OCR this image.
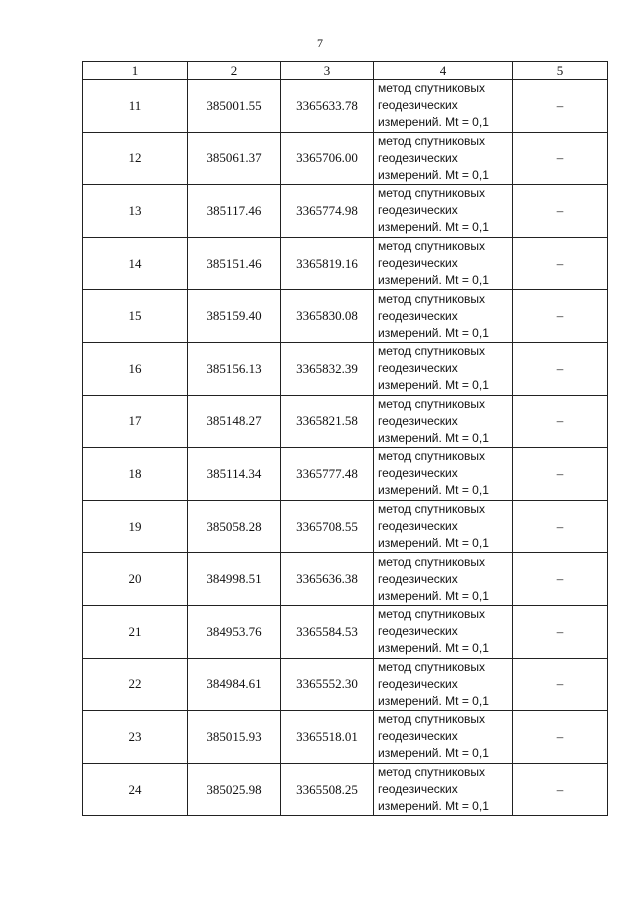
7
1	2	3	4	5
11	385001.55	3365633.78	метод спутниковых
геодезических
измерений. Mt = 0,1	–
12	385061.37	3365706.00	метод спутниковых
геодезических
измерений. Mt = 0,1	–
13	385117.46	3365774.98	метод спутниковых
геодезических
измерений. Mt = 0,1	–
14	385151.46	3365819.16	метод спутниковых
геодезических
измерений. Mt = 0,1	–
15	385159.40	3365830.08	метод спутниковых
геодезических
измерений. Mt = 0,1	–
16	385156.13	3365832.39	метод спутниковых
геодезических
измерений. Mt = 0,1	–
17	385148.27	3365821.58	метод спутниковых
геодезических
измерений. Mt = 0,1	–
18	385114.34	3365777.48	метод спутниковых
геодезических
измерений. Mt = 0,1	–
19	385058.28	3365708.55	метод спутниковых
геодезических
измерений. Mt = 0,1	–
20	384998.51	3365636.38	метод спутниковых
геодезических
измерений. Mt = 0,1	–
21	384953.76	3365584.53	метод спутниковых
геодезических
измерений. Mt = 0,1	–
22	384984.61	3365552.30	метод спутниковых
геодезических
измерений. Mt = 0,1	–
23	385015.93	3365518.01	метод спутниковых
геодезических
измерений. Mt = 0,1	–
24	385025.98	3365508.25	метод спутниковых
геодезических
измерений. Mt = 0,1	–
